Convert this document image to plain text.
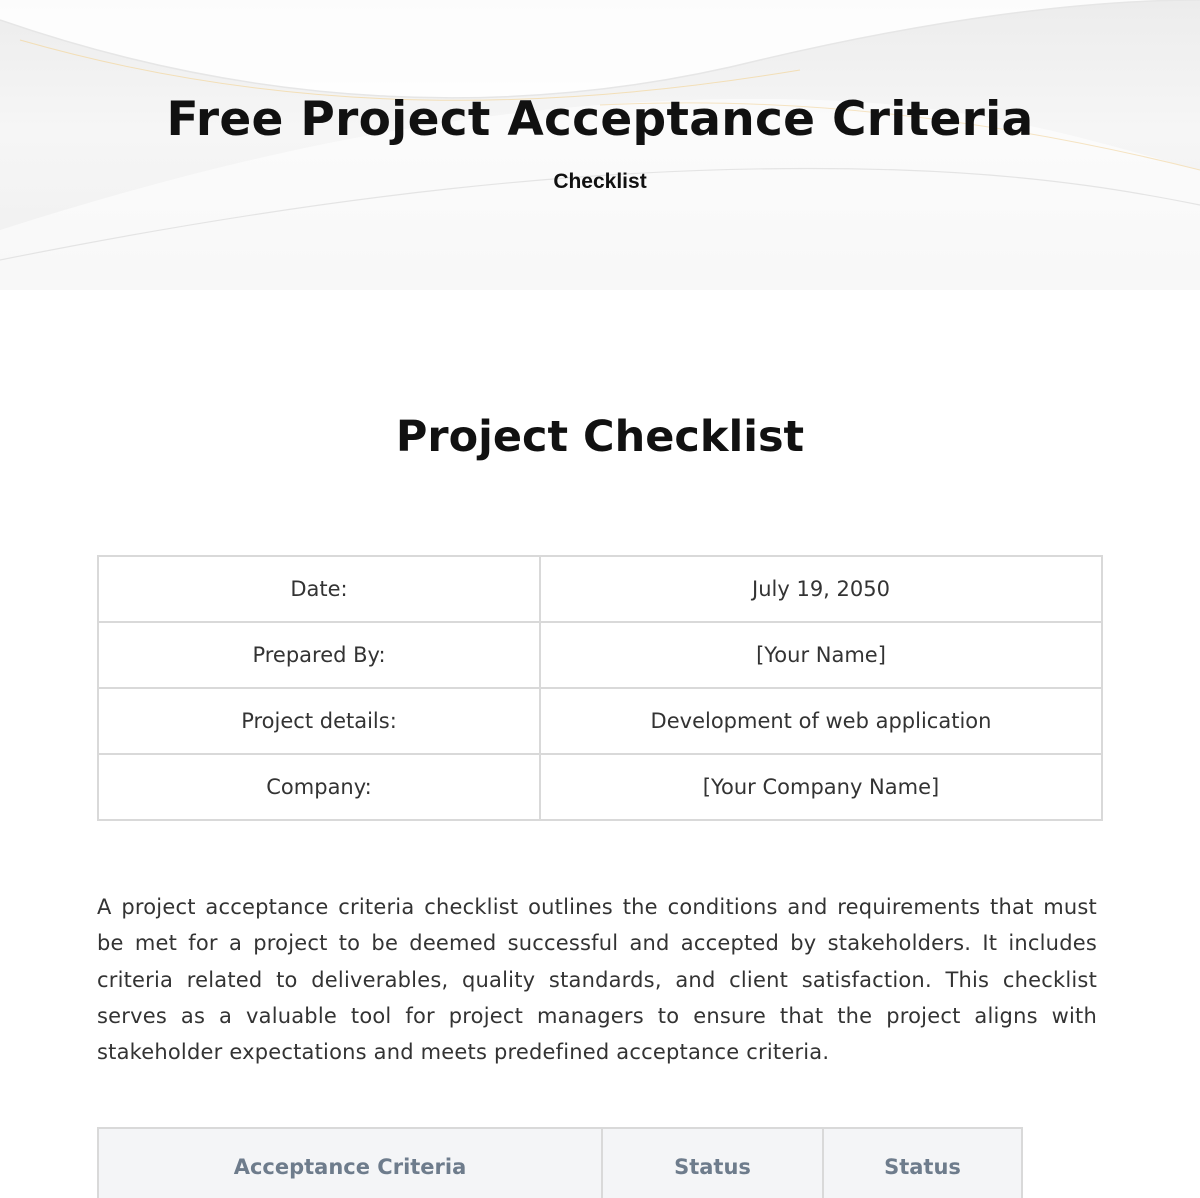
Free Project Acceptance Criteria
Checklist
Project Checklist
Date:	July 19, 2050
Prepared By:	[Your Name]
Project details:	Development of web application
Company:	[Your Company Name]

A project acceptance criteria checklist outlines the conditions and requirements that must be met for a project to be deemed successful and accepted by stakeholders. It includes criteria related to deliverables, quality standards, and client satisfaction. This checklist serves as a valuable tool for project managers to ensure that the project aligns with stakeholder expectations and meets predefined acceptance criteria.

Acceptance Criteria	Status	Status
